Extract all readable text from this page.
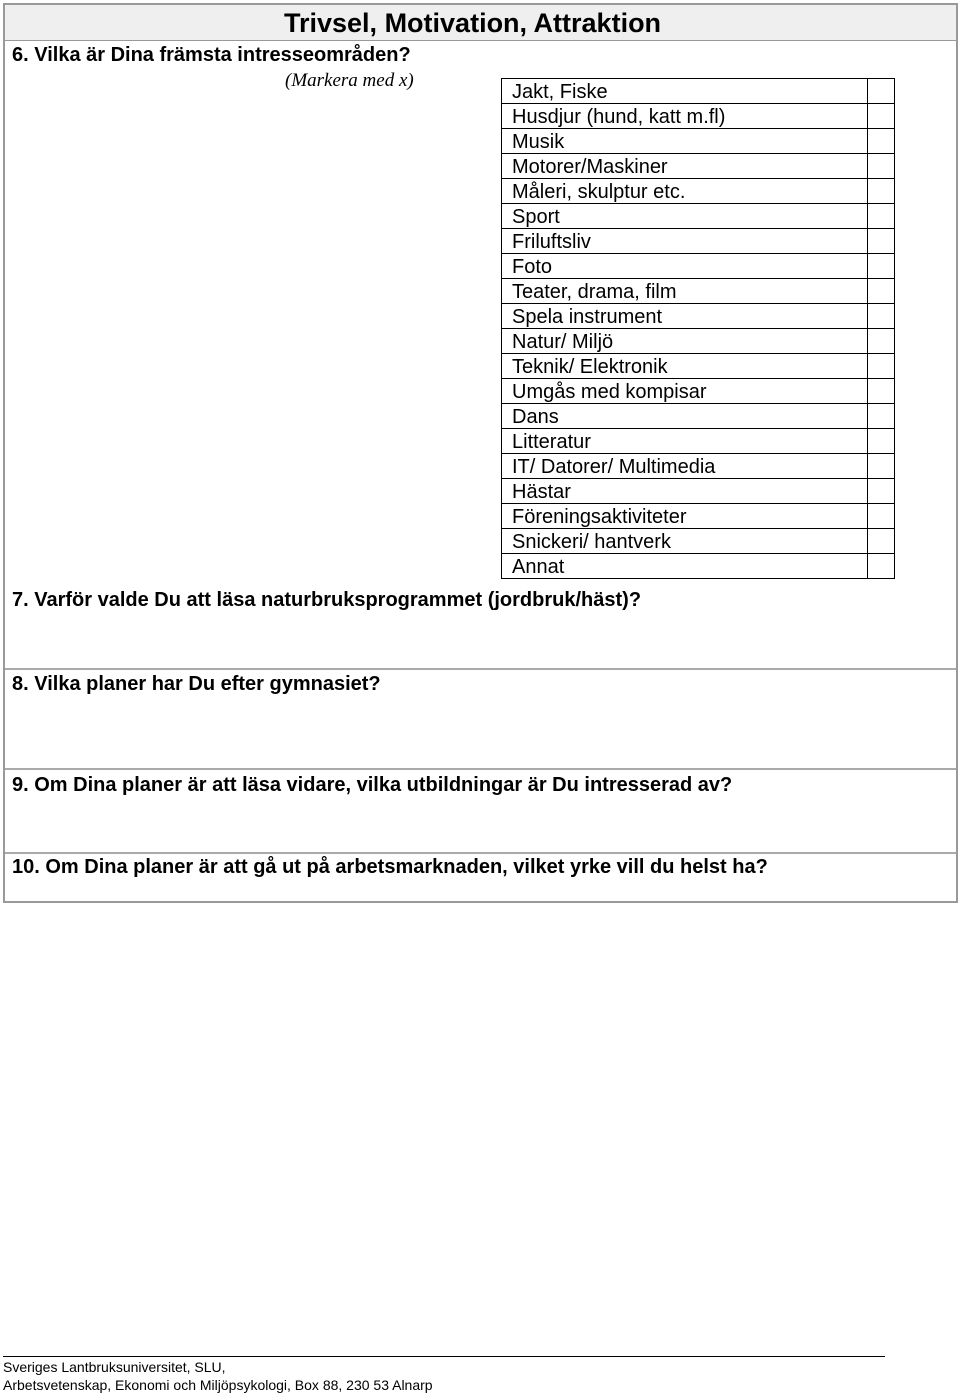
Trivsel, Motivation, Attraktion
6. Vilka är Dina främsta intresseområden?
(Markera med x)
Jakt, Fiske	
Husdjur (hund, katt m.fl)	
Musik	
Motorer/Maskiner	
Måleri, skulptur etc.	
Sport	
Friluftsliv	
Foto	
Teater, drama, film	
Spela instrument	
Natur/ Miljö	
Teknik/ Elektronik	
Umgås med kompisar	
Dans	
Litteratur	
IT/ Datorer/ Multimedia	
Hästar	
Föreningsaktiviteter	
Snickeri/ hantverk	
Annat	
7. Varför valde Du att läsa naturbruksprogrammet (jordbruk/häst)?
8. Vilka planer har Du efter gymnasiet?
9. Om Dina planer är att läsa vidare, vilka utbildningar är Du intresserad av?
10. Om Dina planer är att gå ut på arbetsmarknaden, vilket yrke vill du helst ha?
Sveriges Lantbruksuniversitet, SLU,
Arbetsvetenskap, Ekonomi och Miljöpsykologi, Box 88, 230 53 Alnarp
